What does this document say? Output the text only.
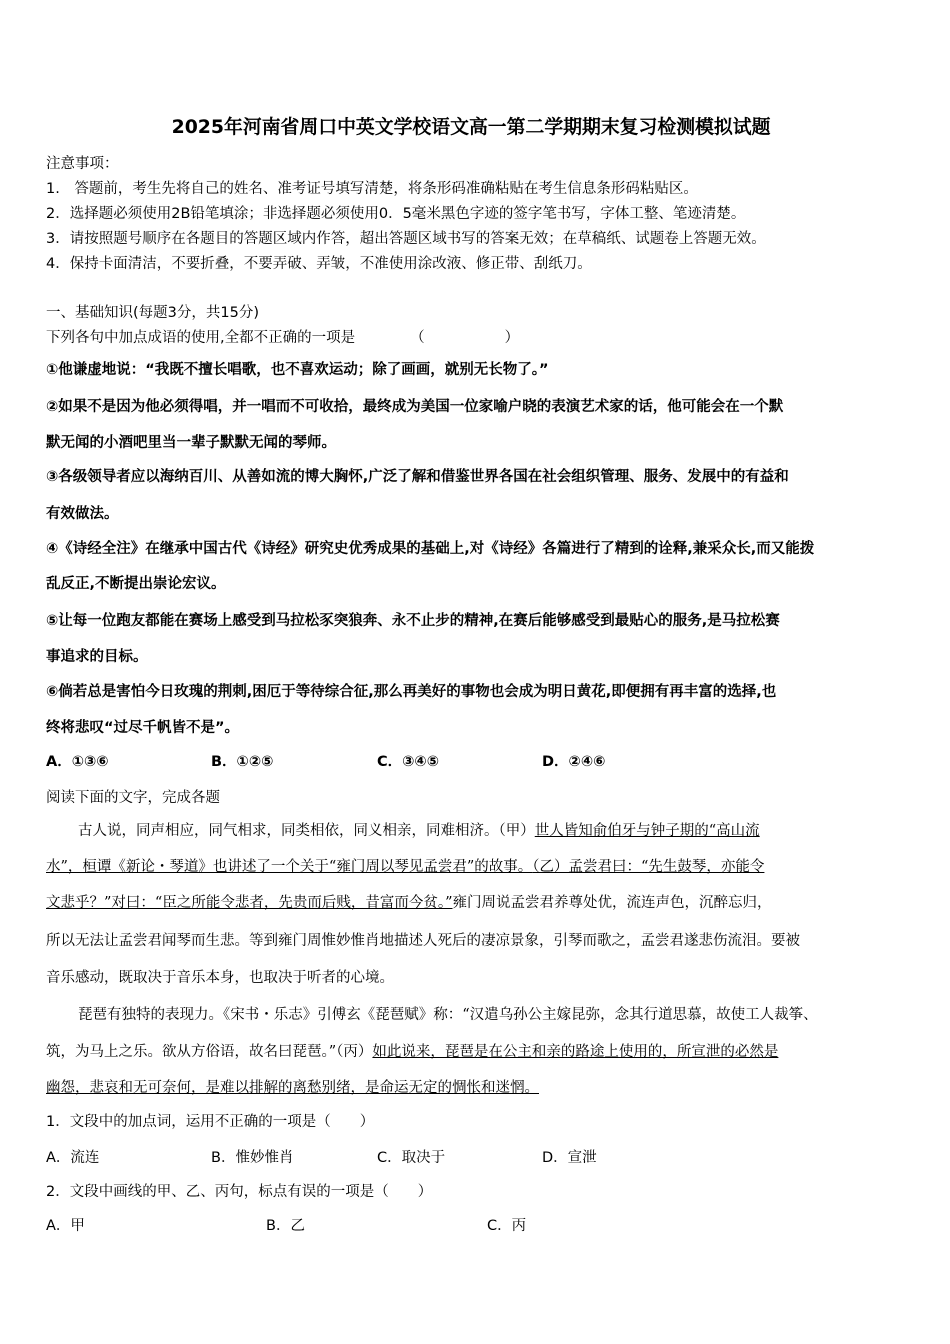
2025年河南省周口中英文学校语文高一第二学期期末复习检测模拟试题
注意事项：
1.　答题前，考生先将自己的姓名、准考证号填写清楚，将条形码准确粘贴在考生信息条形码粘贴区。
2．选择题必须使用2B铅笔填涂；非选择题必须使用0．5毫米黑色字迹的签字笔书写，字体工整、笔迹清楚。
3．请按照题号顺序在各题目的答题区域内作答，超出答题区域书写的答案无效；在草稿纸、试题卷上答题无效。
4．保持卡面清洁，不要折叠，不要弄破、弄皱，不准使用涂改液、修正带、刮纸刀。
一、基础知识(每题3分，共15分)
下列各句中加点成语的使用,全都不正确的一项是	（	）
①他谦虚地说：“我既不擅长唱歌，也不喜欢运动；除了画画，就别无长物了。”
②如果不是因为他必须得唱，并一唱而不可收拾，最终成为美国一位家喻户晓的表演艺术家的话，他可能会在一个默
默无闻的小酒吧里当一辈子默默无闻的琴师。
③各级领导者应以海纳百川、从善如流的博大胸怀,广泛了解和借鉴世界各国在社会组织管理、服务、发展中的有益和
有效做法。
④《诗经全注》在继承中国古代《诗经》研究史优秀成果的基础上,对《诗经》各篇进行了精到的诠释,兼采众长,而又能拨
乱反正,不断提出崇论宏议。
⑤让每一位跑友都能在赛场上感受到马拉松豕突狼奔、永不止步的精神,在赛后能够感受到最贴心的服务,是马拉松赛
事追求的目标。
⑥倘若总是害怕今日玫瑰的荆刺,困厄于等待综合征,那么再美好的事物也会成为明日黄花,即便拥有再丰富的选择,也
终将悲叹“过尽千帆皆不是”。
A．①③⑥	B．①②⑤	C．③④⑤	D．②④⑥
阅读下面的文字，完成各题
古人说，同声相应，同气相求，同类相依，同义相亲，同难相济。（甲）世人皆知俞伯牙与钟子期的“高山流
水”，桓谭《新论・琴道》也讲述了一个关于“雍门周以琴见孟尝君”的故事。（乙）孟尝君曰：“先生鼓琴，亦能令
文悲乎？”对曰：“臣之所能令悲者，先贵而后贱，昔富而今贫。”雍门周说孟尝君养尊处优，流连声色，沉醉忘归，
所以无法让孟尝君闻琴而生悲。等到雍门周惟妙惟肖地描述人死后的凄凉景象，引琴而歌之，孟尝君遂悲伤流泪。要被
音乐感动，既取决于音乐本身，也取决于听者的心境。
琵琶有独特的表现力。《宋书・乐志》引傅玄《琵琶赋》称：“汉遣乌孙公主嫁昆弥，念其行道思慕，故使工人裁筝、
筑，为马上之乐。欲从方俗语，故名曰琵琶。”（丙）如此说来，琵琶是在公主和亲的路途上使用的，所宣泄的必然是
幽怨，悲哀和无可奈何，是难以排解的离愁别绪，是命运无定的惆怅和迷惘。
1．文段中的加点词，运用不正确的一项是（　　）
A．流连	B．惟妙惟肖	C．取决于	D．宣泄
2．文段中画线的甲、乙、丙句，标点有误的一项是（　　）
A．甲	B．乙	C．丙
